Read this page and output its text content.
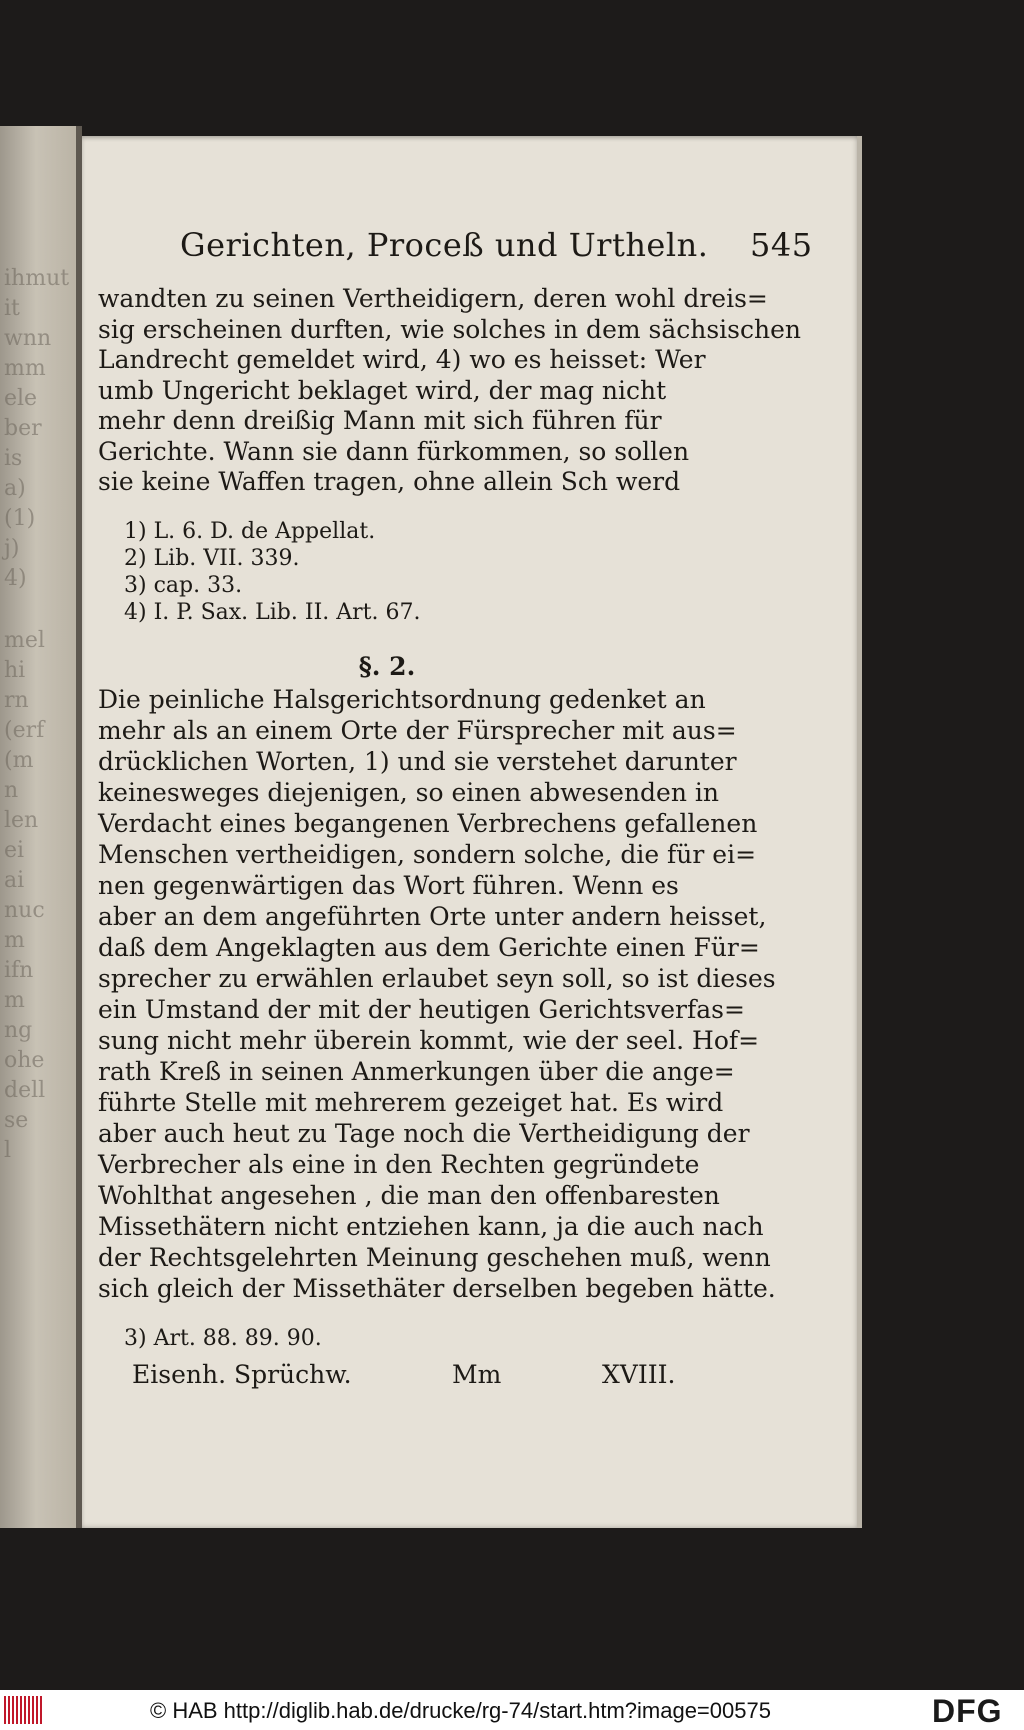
ihmut
it
wnn
mm
ele
ber
is
a)
(1)
j)
4)
mel
hi
rn
(erf
(m
n
len
ei
ai
nuc
m
ifn
m
ng
ohe
dell
se
l
Gerichten, Proceß und Urtheln. 545
wandten zu seinen Vertheidigern, deren wohl dreis=
sig erscheinen durften, wie solches in dem sächsischen
Landrecht gemeldet wird, 4) wo es heisset: Wer
umb Ungericht beklaget wird, der mag nicht
mehr denn dreißig Mann mit sich führen für
Gerichte. Wann sie dann fürkommen, so sollen
sie keine Waffen tragen, ohne allein Sch werd
1) L. 6. D. de Appellat.
2) Lib. VII. 339.
3) cap. 33.
4) I. P. Sax. Lib. II. Art. 67.
§. 2.
Die peinliche Halsgerichtsordnung gedenket an
mehr als an einem Orte der Fürsprecher mit aus=
drücklichen Worten, 1) und sie verstehet darunter
keinesweges diejenigen, so einen abwesenden in
Verdacht eines begangenen Verbrechens gefallenen
Menschen vertheidigen, sondern solche, die für ei=
nen gegenwärtigen das Wort führen. Wenn es
aber an dem angeführten Orte unter andern heisset,
daß dem Angeklagten aus dem Gerichte einen Für=
sprecher zu erwählen erlaubet seyn soll, so ist dieses
ein Umstand der mit der heutigen Gerichtsverfas=
sung nicht mehr überein kommt, wie der seel. Hof=
rath Kreß in seinen Anmerkungen über die ange=
führte Stelle mit mehrerem gezeiget hat. Es wird
aber auch heut zu Tage noch die Vertheidigung der
Verbrecher als eine in den Rechten gegründete
Wohlthat angesehen , die man den offenbaresten
Missethätern nicht entziehen kann, ja die auch nach
der Rechtsgelehrten Meinung geschehen muß, wenn
sich gleich der Missethäter derselben begeben hätte.
3) Art. 88. 89. 90.
Eisenh. Sprüchw.	Mm	XVIII.
© HAB http://diglib.hab.de/drucke/rg-74/start.htm?image=00575	DFG
